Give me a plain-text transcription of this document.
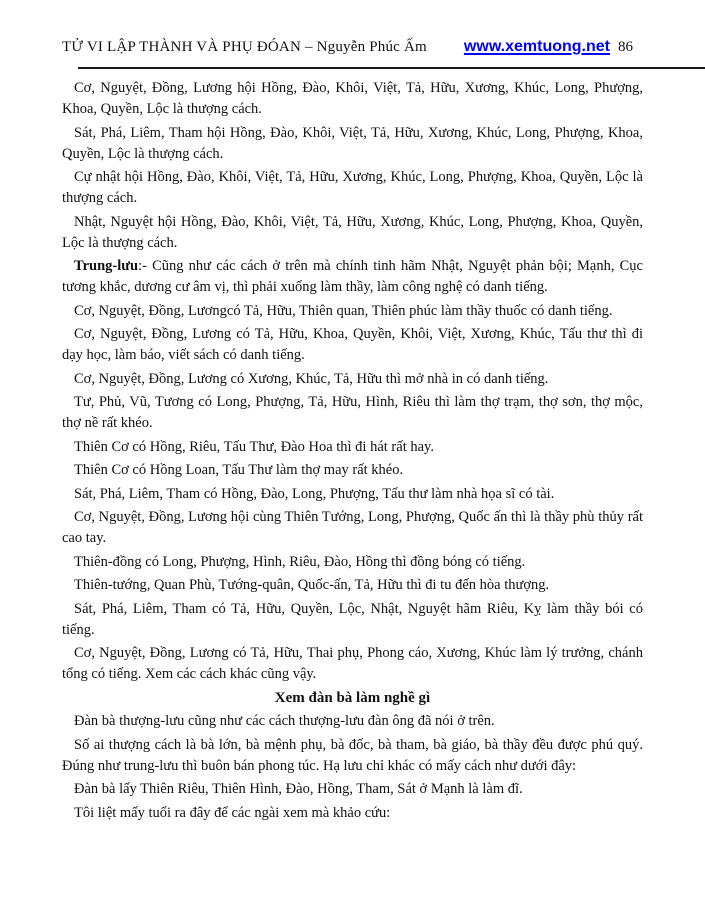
TỬ VI LẬP THÀNH VÀ PHỤ ĐÓAN – Nguyễn Phúc Ấm www.xemtuong.net 86

Cơ, Nguyệt, Đồng, Lương hội Hồng, Đào, Khôi, Việt, Tả, Hữu, Xương, Khúc, Long, Phượng, Khoa, Quyền, Lộc là thượng cách.

Sát, Phá, Liêm, Tham hội Hồng, Đào, Khôi, Việt, Tả, Hữu, Xương, Khúc, Long, Phượng, Khoa, Quyền, Lộc là thượng cách.

Cự nhật hội Hồng, Đào, Khôi, Việt, Tả, Hữu, Xương, Khúc, Long, Phượng, Khoa, Quyền, Lộc là thượng cách.

Nhật, Nguyệt hội Hồng, Đào, Khôi, Việt, Tả, Hữu, Xương, Khúc, Long, Phượng, Khoa, Quyền, Lộc là thượng cách.

Trung-lưu:- Cũng như các cách ở trên mà chính tinh hãm Nhật, Nguyệt phản bội; Mạnh, Cục tương khắc, dương cư âm vị, thì phải xuống làm thầy, làm công nghệ có danh tiếng.

Cơ, Nguyệt, Đồng, Lươngcó Tả, Hữu, Thiên quan, Thiên phúc làm thầy thuốc có danh tiếng.

Cơ, Nguyệt, Đồng, Lương có Tả, Hữu, Khoa, Quyền, Khôi, Việt, Xương, Khúc, Tấu thư thì đi dạy học, làm báo, viết sách có danh tiếng.

Cơ, Nguyệt, Đồng, Lương có Xương, Khúc, Tả, Hữu thì mở nhà in có danh tiếng.

Tư, Phủ, Vũ, Tương có Long, Phượng, Tả, Hữu, Hình, Riêu thì làm thợ trạm, thợ sơn, thợ mộc, thợ nề rất khéo.

Thiên Cơ có Hồng, Riêu, Tấu Thư, Đào Hoa thì đi hát rất hay.

Thiên Cơ có Hồng Loan, Tấu Thư làm thợ may rất khéo.

Sát, Phá, Liêm, Tham có Hồng, Đào, Long, Phượng, Tấu thư làm nhà họa sĩ có tài.

Cơ, Nguyệt, Đồng, Lương hội cùng Thiên Tướng, Long, Phượng, Quốc ấn thì là thầy phù thủy rất cao tay.

Thiên-đồng có Long, Phượng, Hình, Riêu, Đào, Hồng thì đồng bóng có tiếng.

Thiên-tướng, Quan Phù, Tướng-quân, Quốc-ấn, Tả, Hữu thì đi tu đến hòa thượng.

Sát, Phá, Liêm, Tham có Tả, Hữu, Quyền, Lộc, Nhật, Nguyệt hãm Riêu, Kỵ làm thầy bói có tiếng.

Cơ, Nguyệt, Đồng, Lương có Tả, Hữu, Thai phụ, Phong cáo, Xương, Khúc làm lý trưởng, chánh tổng có tiếng. Xem các cách khác cũng vậy.

Xem đàn bà làm nghề gì

Đàn bà thượng-lưu cũng như các cách thượng-lưu đàn ông đã nói ở trên.

Số ai thượng cách là bà lớn, bà mệnh phụ, bà đốc, bà tham, bà giáo, bà thầy đều được phú quý. Đúng như trung-lưu thì buôn bán phong túc. Hạ lưu chỉ khác có mấy cách như dưới đây:

Đàn bà lấy Thiên Riêu, Thiên Hình, Đào, Hồng, Tham, Sát ở Mạnh là làm đĩ.

Tôi liệt mấy tuổi ra đây để các ngài xem mà khảo cứu:
